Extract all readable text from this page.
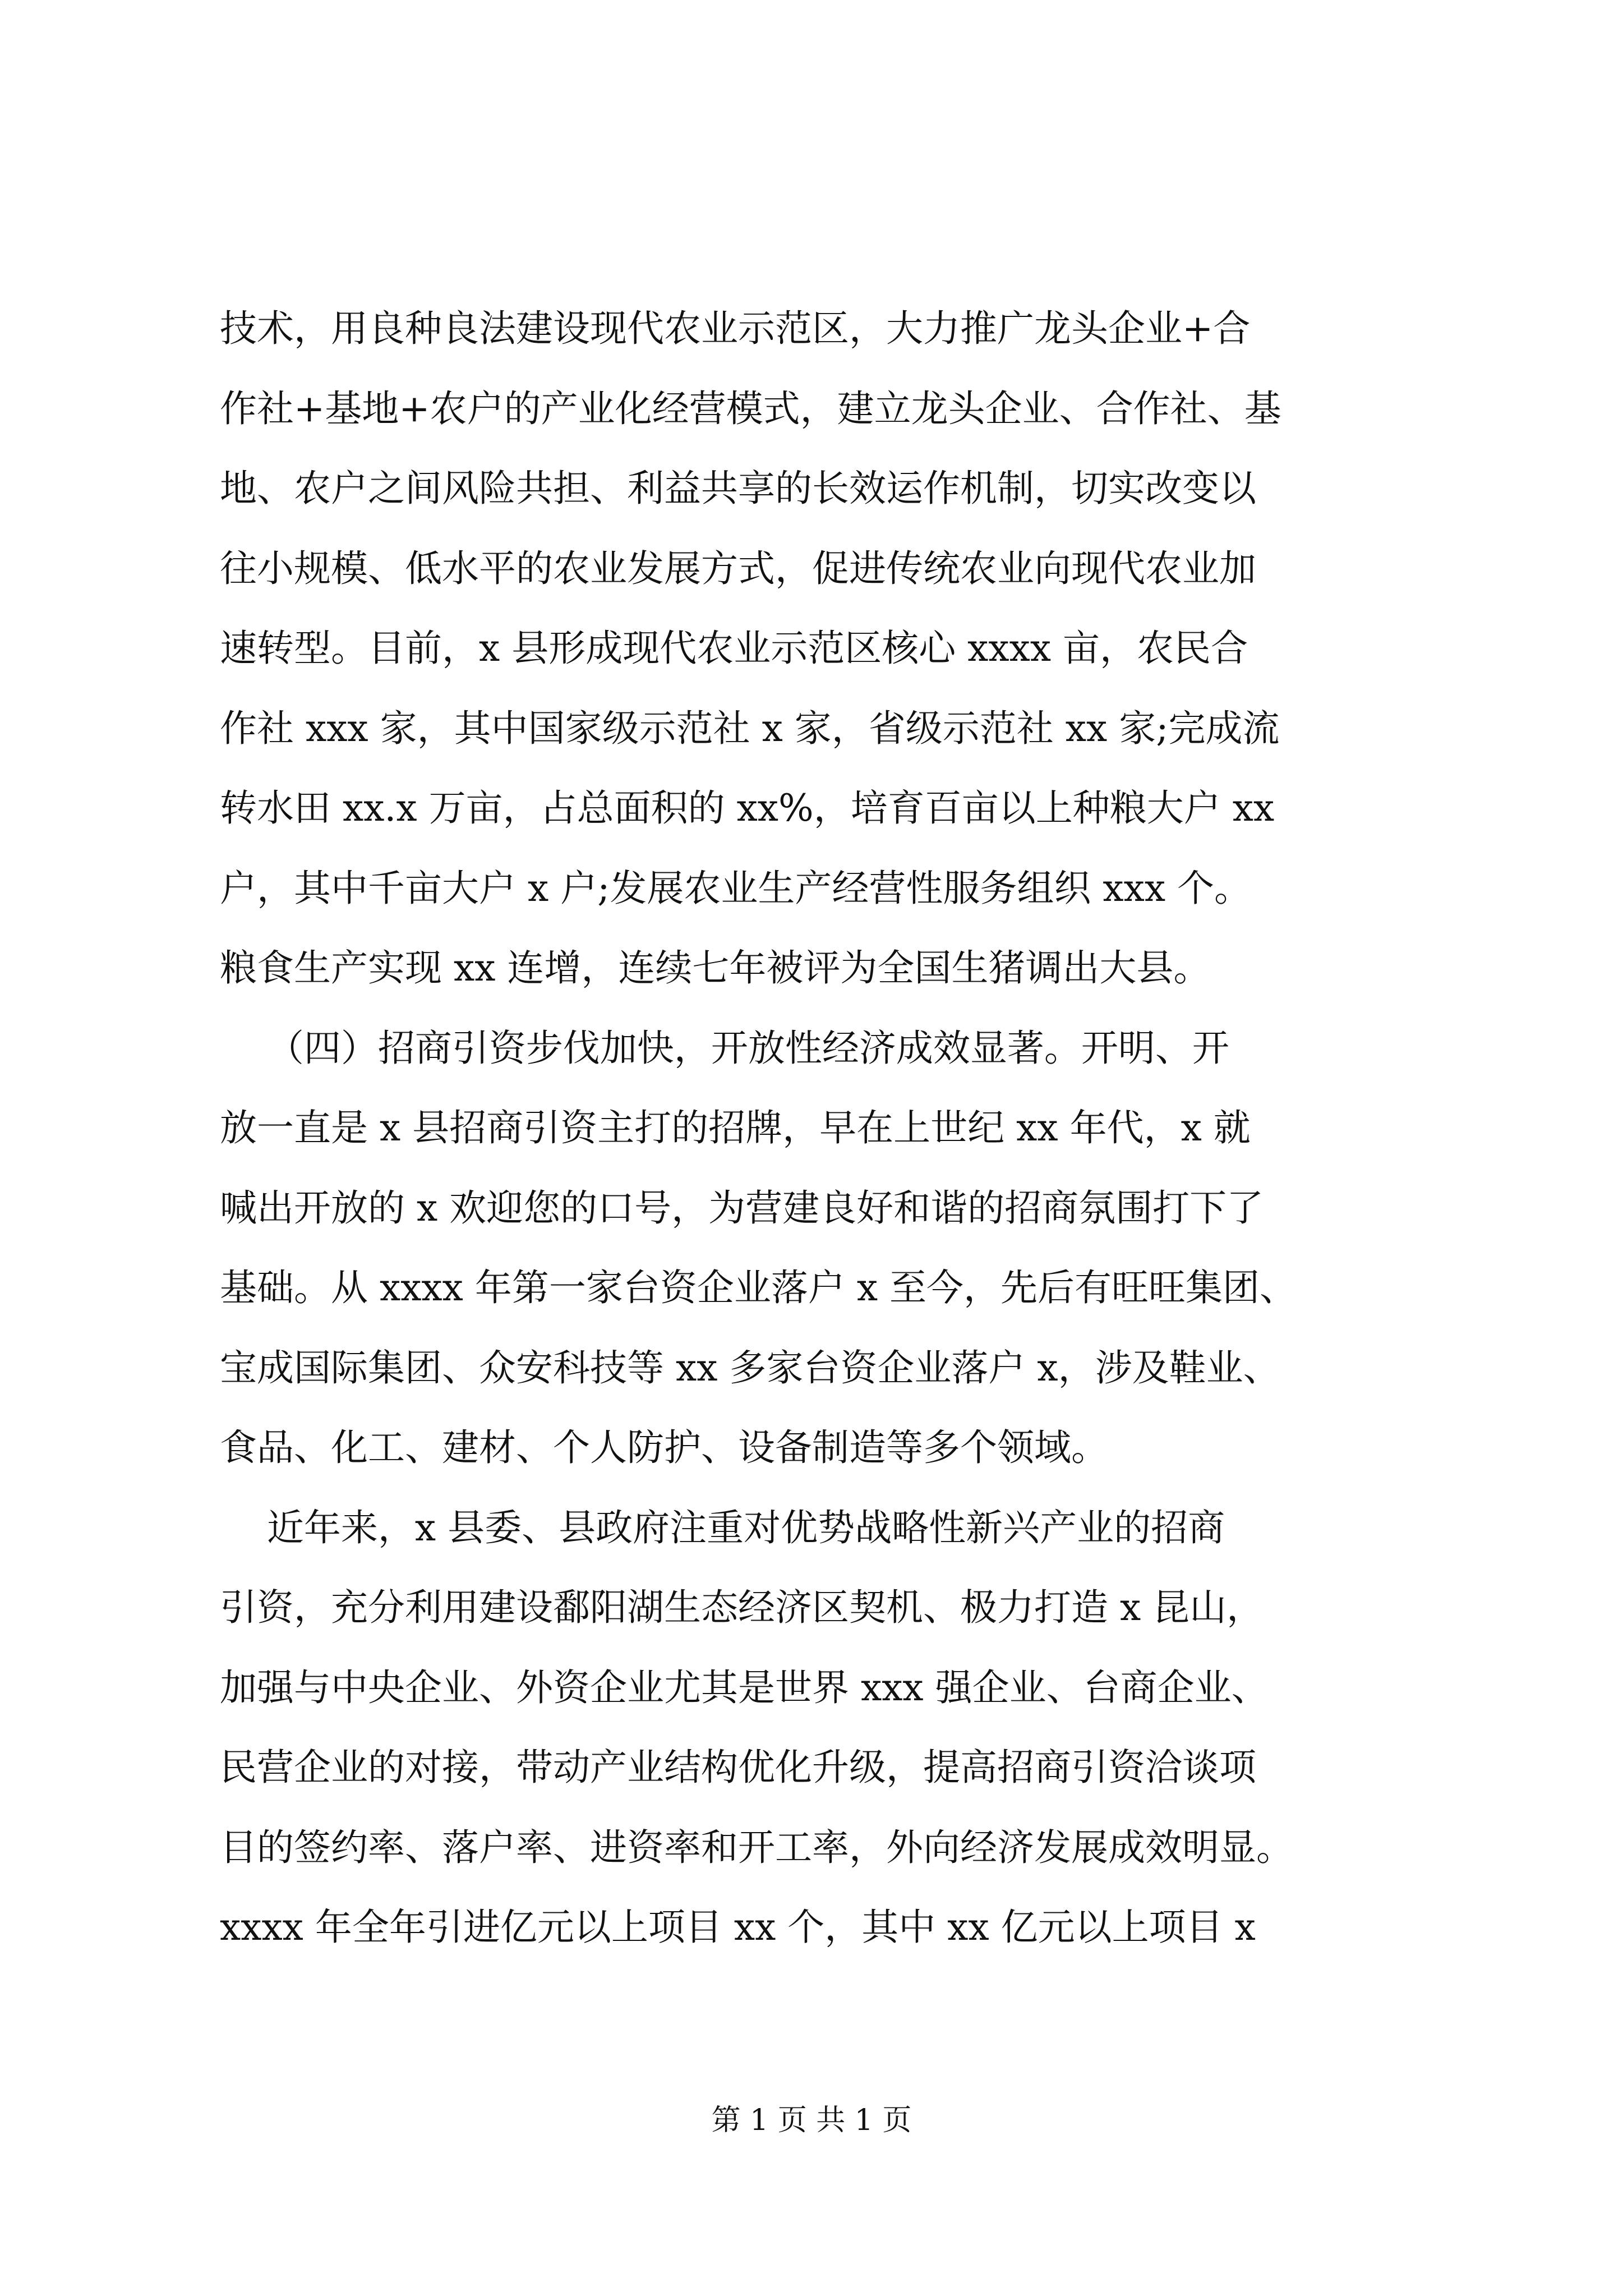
技术，用良种良法建设现代农业示范区，大力推广龙头企业+合
作社+基地+农户的产业化经营模式，建立龙头企业、合作社、基
地、农户之间风险共担、利益共享的长效运作机制，切实改变以
往小规模、低水平的农业发展方式，促进传统农业向现代农业加
速转型。目前，x 县形成现代农业示范区核心 xxxx 亩，农民合
作社 xxx 家，其中国家级示范社 x 家，省级示范社 xx 家;完成流
转水田 xx.x 万亩，占总面积的 xx%，培育百亩以上种粮大户 xx
户，其中千亩大户 x 户;发展农业生产经营性服务组织 xxx 个。
粮食生产实现 xx 连增，连续七年被评为全国生猪调出大县。
（四）招商引资步伐加快，开放性经济成效显著。开明、开
放一直是 x 县招商引资主打的招牌，早在上世纪 xx 年代，x 就
喊出开放的 x 欢迎您的口号，为营建良好和谐的招商氛围打下了
基础。从 xxxx 年第一家台资企业落户 x 至今，先后有旺旺集团、
宝成国际集团、众安科技等 xx 多家台资企业落户 x，涉及鞋业、
食品、化工、建材、个人防护、设备制造等多个领域。
近年来，x 县委、县政府注重对优势战略性新兴产业的招商
引资，充分利用建设鄱阳湖生态经济区契机、极力打造 x 昆山，
加强与中央企业、外资企业尤其是世界 xxx 强企业、台商企业、
民营企业的对接，带动产业结构优化升级，提高招商引资洽谈项
目的签约率、落户率、进资率和开工率，外向经济发展成效明显。
xxxx 年全年引进亿元以上项目 xx 个，其中 xx 亿元以上项目 x
第 1 页 共 1 页
